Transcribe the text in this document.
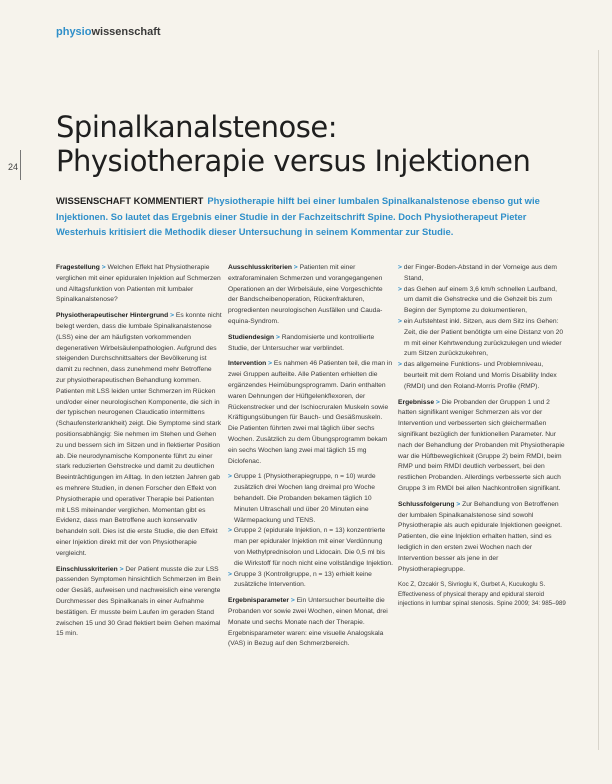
physiowissenschaft
24
Spinalkanalstenose:
Physiotherapie versus Injektionen
WISSENSCHAFT KOMMENTIERT Physiotherapie hilft bei einer lumbalen Spinalkanalstenose ebenso gut wie Injektionen. So lautet das Ergebnis einer Studie in der Fachzeitschrift Spine. Doch Physiotherapeut Pieter Westerhuis kritisiert die Methodik dieser Untersuchung in seinem Kommentar zur Studie.

Fragestellung > Welchen Effekt hat Physiotherapie verglichen mit einer epiduralen Injektion auf Schmerzen und Alltagsfunktion von Patienten mit lumbaler Spinalkanalstenose?

Physiotherapeutischer Hintergrund > Es konnte nicht belegt werden, dass die lumbale Spinalkanalstenose (LSS) eine der am häufigsten vorkommenden degenerativen Wirbelsäulenpathologien. Aufgrund des steigenden Durchschnittsalters der Bevölkerung ist damit zu rechnen, dass zunehmend mehr Betroffene zur physiotherapeutischen Behandlung kommen. Patienten mit LSS leiden unter Schmerzen im Rücken und/oder einer neurologischen Komponente, die sich in der typischen neurogenen Claudicatio intermittens (Schaufensterkrankheit) zeigt. Die Symptome sind stark positionsabhängig: Sie nehmen im Stehen und Gehen zu und bessern sich im Sitzen und in flektierter Position ab. Die neurodynamische Komponente führt zu einer stark reduzierten Gehstrecke und damit zu deutlichen Beeinträchtigungen im Alltag. In den letzten Jahren gab es mehrere Studien, in denen Forscher den Effekt von Physiotherapie und operativer Therapie bei Patienten mit LSS miteinander verglichen. Momentan gibt es Evidenz, dass man Betroffene auch konservativ behandeln soll. Dies ist die erste Studie, die den Effekt einer Injektion direkt mit der von Physiotherapie vergleicht.

Einschlusskriterien > Der Patient musste die zur LSS passenden Symptomen hinsichtlich Schmerzen im Bein oder Gesäß, aufweisen und nachweislich eine verengte Durchmesser des Spinalkanals in einer Aufnahme bestätigen. Er musste beim Laufen im geraden Stand zwischen 15 und 30 Grad flektiert beim Gehen maximal 15 min.

Ausschlusskriterien > Patienten mit einer extraforaminalen Schmerzen und vorangegangenen Operationen an der Wirbelsäule, eine Vorgeschichte der Bandscheibenoperation, Rückenfrakturen, progredienten neurologischen Ausfällen und Cauda-equina-Syndrom.

Studiendesign > Randomisierte und kontrollierte Studie, der Untersucher war verblindet.

Intervention > Es nahmen 46 Patienten teil, die man in zwei Gruppen aufteilte. Alle Patienten erhielten die ergänzendes Heimübungsprogramm. Darin enthalten waren Dehnungen der Hüftgelenkflexoren, der Rückenstrecker und der Ischiocruralen Muskeln sowie Kräftigungsübungen für Bauch- und Gesäßmuskeln. Die Patienten führten zwei mal täglich über sechs Wochen. Zusätzlich zu dem Übungsprogramm bekam ein sechs Wochen lang zwei mal täglich 15 mg Diclofenac.

> Gruppe 1 (Physiotherapiegruppe, n = 10) wurde zusätzlich drei Wochen lang dreimal pro Woche behandelt. Die Probanden bekamen täglich 10 Minuten Ultraschall und über 20 Minuten eine Wärmepackung und TENS.
> Gruppe 2 (epidurale Injektion, n = 13) konzentrierte man per epiduraler Injektion mit einer Verdünnung von Methylprednisolon und Lidocain. Die 0,5 ml bis die Wirkstoff für noch nicht eine vollständige Injektion.
> Gruppe 3 (Kontrollgruppe, n = 13) erhielt keine zusätzliche Intervention.

Ergebnisparameter > Ein Untersucher beurteilte die Probanden vor sowie zwei Wochen, einen Monat, drei Monate und sechs Monate nach der Therapie. Ergebnisparameter waren: eine visuelle Analogskala (VAS) in Bezug auf den Schmerzbereich.

> der Finger-Boden-Abstand in der Vorneige aus dem Stand,
> das Gehen auf einem 3,6 km/h schnellen Laufband, um damit die Gehstrecke und die Gehzeit bis zum Beginn der Symptome zu dokumentieren,
> ein Aufstehtest inkl. Sitzen, aus dem Sitz ins Gehen: Zeit, die der Patient benötigte um eine Distanz von 20 m mit einer Kehrtwendung zurückzulegen und wieder zum Sitzen zurückzukehren,
> das allgemeine Funktions- und Problemniveau, beurteilt mit dem Roland und Morris Disability Index (RMDI) und den Roland-Morris Profile (RMP).

Ergebnisse > Die Probanden der Gruppen 1 und 2 hatten signifikant weniger Schmerzen als vor der Intervention und verbesserten sich gleichermaßen signifikant bezüglich der funktionellen Parameter. Nur nach der Behandlung der Probanden mit Physiotherapie war die Hüftbeweglichkeit (Gruppe 2) beim RMDI, beim RMP und beim RMDI deutlich verbessert, bei den restlichen Probanden. Allerdings verbesserte sich auch Gruppe 3 im RMDI bei allen Nachkontrollen signifikant.

Schlussfolgerung > Zur Behandlung von Betroffenen der lumbalen Spinalkanalstenose sind sowohl Physiotherapie als auch epidurale Injektionen geeignet. Patienten, die eine Injektion erhalten hatten, sind es lediglich in den ersten zwei Wochen nach der Intervention besser als jene in der Physiotherapiegruppe.

Koc Z, Ozcakir S, Sivrioglu K, Gurbet A, Kucukoglu S. Effectiveness of physical therapy and epidural steroid injections in lumbar spinal stenosis. Spine 2009; 34: 985–989
